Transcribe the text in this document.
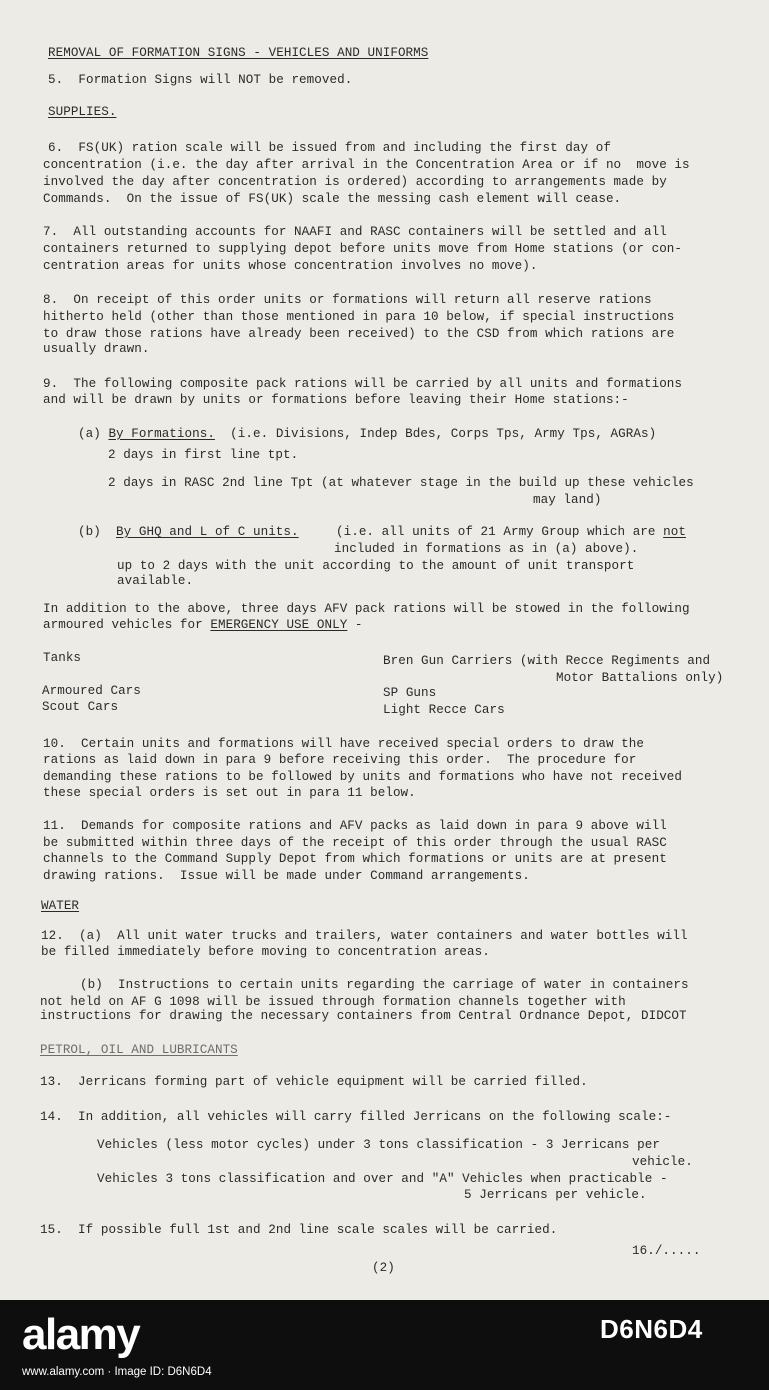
REMOVAL OF FORMATION SIGNS - VEHICLES AND UNIFORMS

5.  Formation Signs will NOT be removed.

SUPPLIES.

6.  FS(UK) ration scale will be issued from and including the first day of

concentration (i.e. the day after arrival in the Concentration Area or if no  move is

involved the day after concentration is ordered) according to arrangements made by

Commands.  On the issue of FS(UK) scale the messing cash element will cease.

7.  All outstanding accounts for NAAFI and RASC containers will be settled and all

containers returned to supplying depot before units move from Home stations (or con-

centration areas for units whose concentration involves no move).

8.  On receipt of this order units or formations will return all reserve rations

hitherto held (other than those mentioned in para 10 below, if special instructions

to draw those rations have already been received) to the CSD from which rations are

usually drawn.

9.  The following composite pack rations will be carried by all units and formations

and will be drawn by units or formations before leaving their Home stations:-

(a) By Formations. (i.e. Divisions, Indep Bdes, Corps Tps, Army Tps, AGRAs)

2 days in first line tpt.

2 days in RASC 2nd line Tpt (at whatever stage in the build up these vehicles

may land)

(b) By GHQ and L of C units.	(i.e. all units of 21 Army Group which are not

included in formations as in (a) above).

up to 2 days with the unit according to the amount of unit transport

available.

In addition to the above, three days AFV pack rations will be stowed in the following

armoured vehicles for EMERGENCY USE ONLY -

Tanks	Bren Gun Carriers (with Recce Regiments and

Motor Battalions only)

Armoured Cars	SP Guns

Scout Cars	Light Recce Cars

10.  Certain units and formations will have received special orders to draw the

rations as laid down in para 9 before receiving this order.  The procedure for

demanding these rations to be followed by units and formations who have not received

these special orders is set out in para 11 below.

11.  Demands for composite rations and AFV packs as laid down in para 9 above will

be submitted within three days of the receipt of this order through the usual RASC

channels to the Command Supply Depot from which formations or units are at present

drawing rations.  Issue will be made under Command arrangements.

WATER

12.  (a)  All unit water trucks and trailers, water containers and water bottles will

be filled immediately before moving to concentration areas.

(b)  Instructions to certain units regarding the carriage of water in containers

not held on AF G 1098 will be issued through formation channels together with

instructions for drawing the necessary containers from Central Ordnance Depot, DIDCOT

PETROL, OIL AND LUBRICANTS

13.  Jerricans forming part of vehicle equipment will be carried filled.

14.  In addition, all vehicles will carry filled Jerricans on the following scale:-

Vehicles (less motor cycles) under 3 tons classification - 3 Jerricans per

vehicle.

Vehicles 3 tons classification and over and "A" Vehicles when practicable -

5 Jerricans per vehicle.

15.  If possible full 1st and 2nd line scale scales will be carried.

16./.....

(2)

alamy	D6N6D4
www.alamy.com · Image ID: D6N6D4
